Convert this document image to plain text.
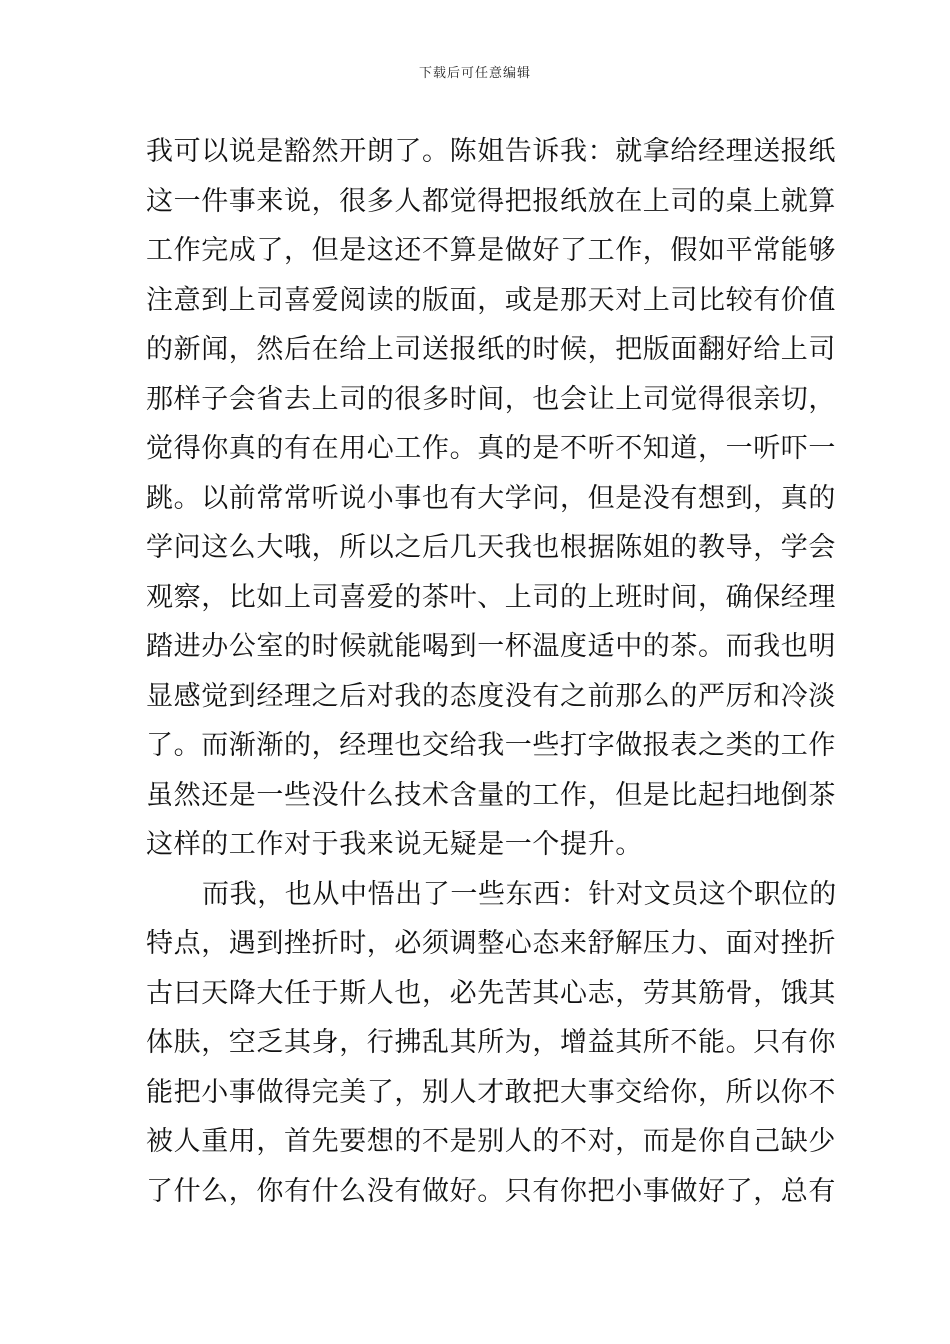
下载后可任意编辑
我可以说是豁然开朗了。陈姐告诉我：就拿给经理送报纸
这一件事来说，很多人都觉得把报纸放在上司的桌上就算
工作完成了，但是这还不算是做好了工作，假如平常能够
注意到上司喜爱阅读的版面，或是那天对上司比较有价值
的新闻，然后在给上司送报纸的时候，把版面翻好给上司
那样子会省去上司的很多时间，也会让上司觉得很亲切，
觉得你真的有在用心工作。真的是不听不知道，一听吓一
跳。以前常常听说小事也有大学问，但是没有想到，真的
学问这么大哦，所以之后几天我也根据陈姐的教导，学会
观察，比如上司喜爱的茶叶、上司的上班时间，确保经理
踏进办公室的时候就能喝到一杯温度适中的茶。而我也明
显感觉到经理之后对我的态度没有之前那么的严厉和冷淡
了。而渐渐的，经理也交给我一些打字做报表之类的工作
虽然还是一些没什么技术含量的工作，但是比起扫地倒茶
这样的工作对于我来说无疑是一个提升。
而我，也从中悟出了一些东西：针对文员这个职位的
特点，遇到挫折时，必须调整心态来舒解压力、面对挫折
古曰天降大任于斯人也，必先苦其心志，劳其筋骨，饿其
体肤，空乏其身，行拂乱其所为，增益其所不能。只有你
能把小事做得完美了，别人才敢把大事交给你，所以你不
被人重用，首先要想的不是别人的不对，而是你自己缺少
了什么，你有什么没有做好。只有你把小事做好了，总有
